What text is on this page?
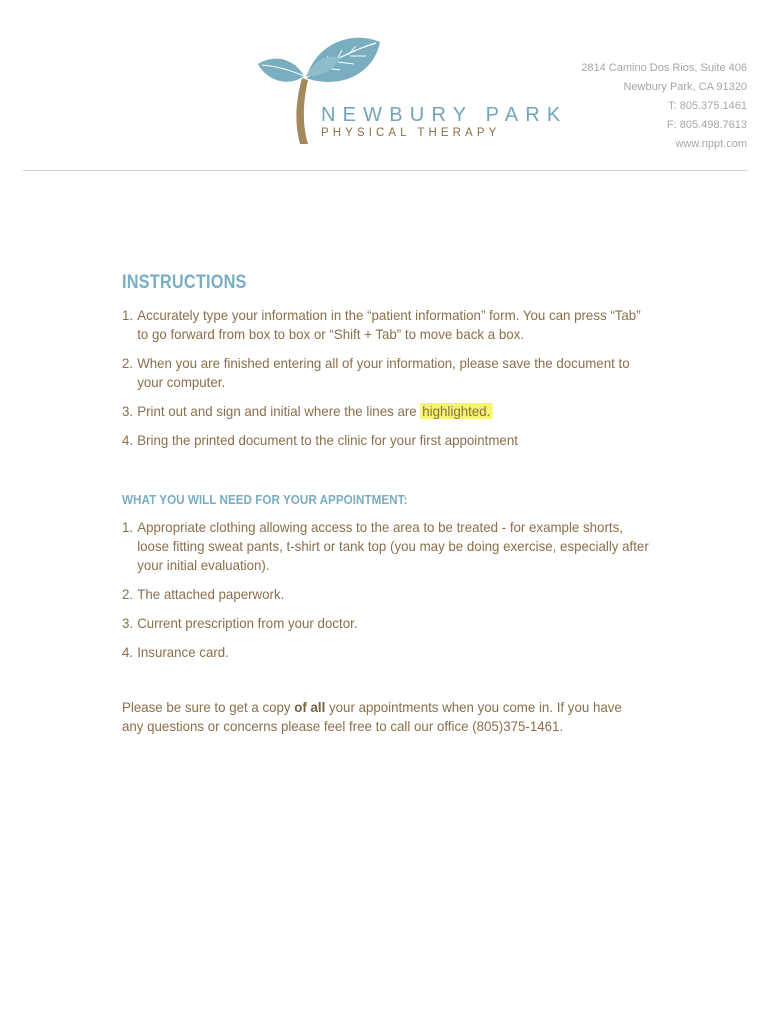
NEWBURY PARK
PHYSICAL THERAPY
2814 Camino Dos Rios, Suite 406
Newbury Park, CA 91320
T: 805.375.1461
F: 805.498.7613
www.nppt.com
INSTRUCTIONS
1. Accurately type your information in the “patient information” form. You can press “Tab” to go forward from box to box or “Shift + Tab” to move back a box.
2. When you are finished entering all of your information, please save the document to your computer.
3. Print out and sign and initial where the lines are highlighted.
4. Bring the printed document to the clinic for your first appointment
WHAT YOU WILL NEED FOR YOUR APPOINTMENT:
1. Appropriate clothing allowing access to the area to be treated - for example shorts, loose fitting sweat pants, t-shirt or tank top (you may be doing exercise, especially after your initial evaluation).
2. The attached paperwork.
3. Current prescription from your doctor.
4. Insurance card.
Please be sure to get a copy of all your appointments when you come in. If you have any questions or concerns please feel free to call our office (805)375-1461.
